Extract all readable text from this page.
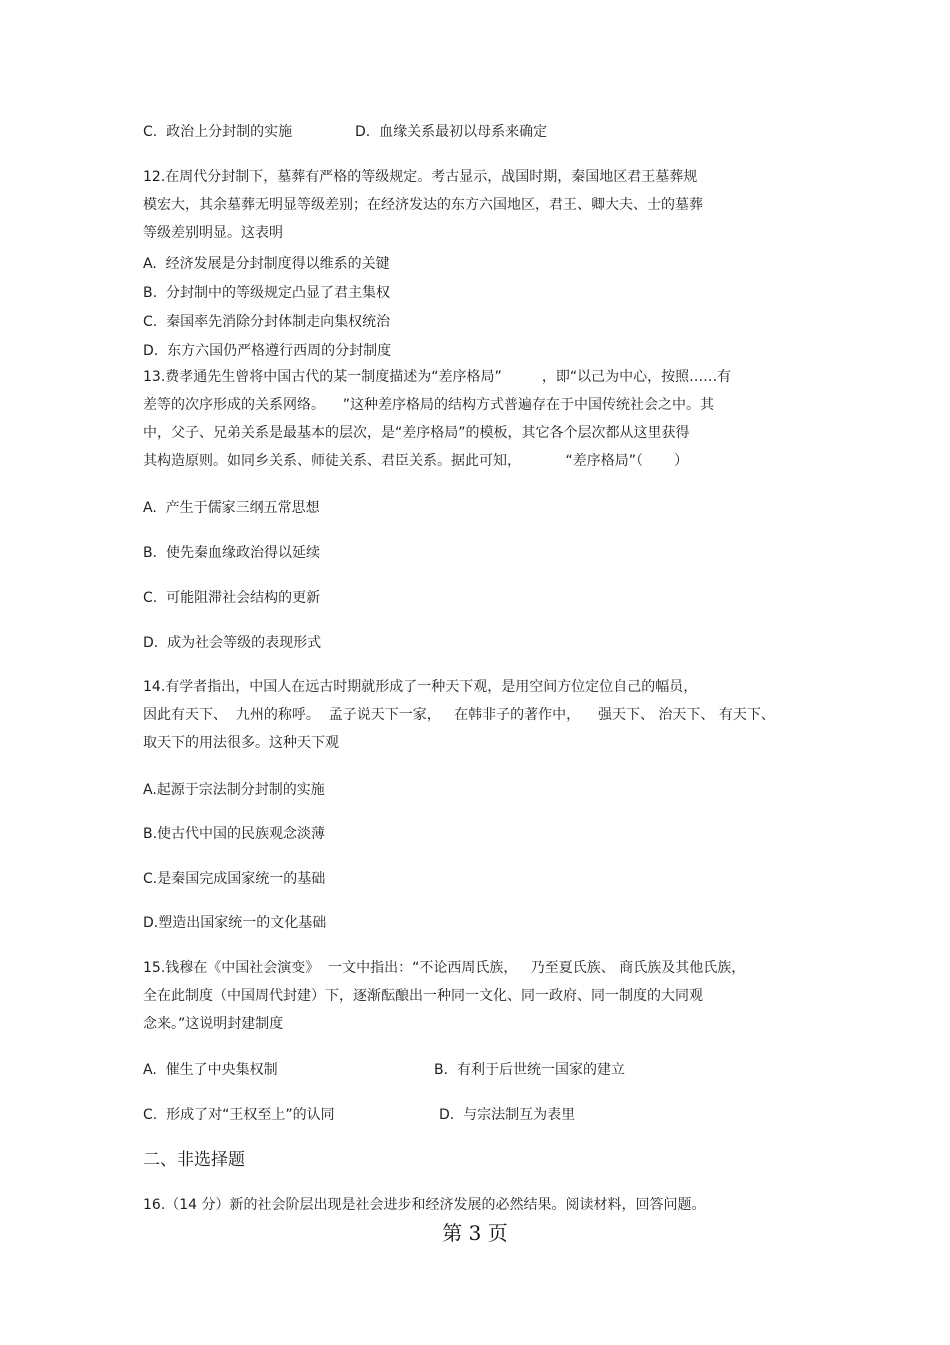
C.  政治上分封制的实施	D.  血缘关系最初以母系来确定
12.在周代分封制下，墓葬有严格的等级规定。考古显示，战国时期，秦国地区君王墓葬规
模宏大，其余墓葬无明显等级差别；在经济发达的东方六国地区，君王、卿大夫、士的墓葬
等级差别明显。这表明
A.  经济发展是分封制度得以维系的关键
B.  分封制中的等级规定凸显了君主集权
C.  秦国率先消除分封体制走向集权统治
D.  东方六国仍严格遵行西周的分封制度
13.费孝通先生曾将中国古代的某一制度描述为“差序格局”         ，即“以己为中心，按照……有
差等的次序形成的关系网络。    ”这种差序格局的结构方式普遍存在于中国传统社会之中。其
中，父子、兄弟关系是最基本的层次，是“差序格局”的模板，其它各个层次都从这里获得
其构造原则。如同乡关系、师徒关系、君臣关系。据此可知，          “差序格局”（       ）
A.  产生于儒家三纲五常思想
B.  使先秦血缘政治得以延续
C.  可能阻滞社会结构的更新
D.  成为社会等级的表现形式
14.有学者指出，中国人在远古时期就形成了一种天下观，是用空间方位定位自己的幅员，
因此有天下、  九州的称呼。  孟子说天下一家，   在韩非子的著作中，    强天下、 治天下、 有天下、
取天下的用法很多。这种天下观
A.起源于宗法制分封制的实施
B.使古代中国的民族观念淡薄
C.是秦国完成国家统一的基础
D.塑造出国家统一的文化基础
15.钱穆在《中国社会演变》  一文中指出：“不论西周氏族，   乃至夏氏族、 商氏族及其他氏族，
全在此制度（中国周代封建）下，逐渐酝酿出一种同一文化、同一政府、同一制度的大同观
念来。”这说明封建制度
A.  催生了中央集权制	B.  有利于后世统一国家的建立
C.  形成了对“王权至上”的认同	D.  与宗法制互为表里
二、非选择题
16.（14 分）新的社会阶层出现是社会进步和经济发展的必然结果。阅读材料，回答问题。
第 3 页
